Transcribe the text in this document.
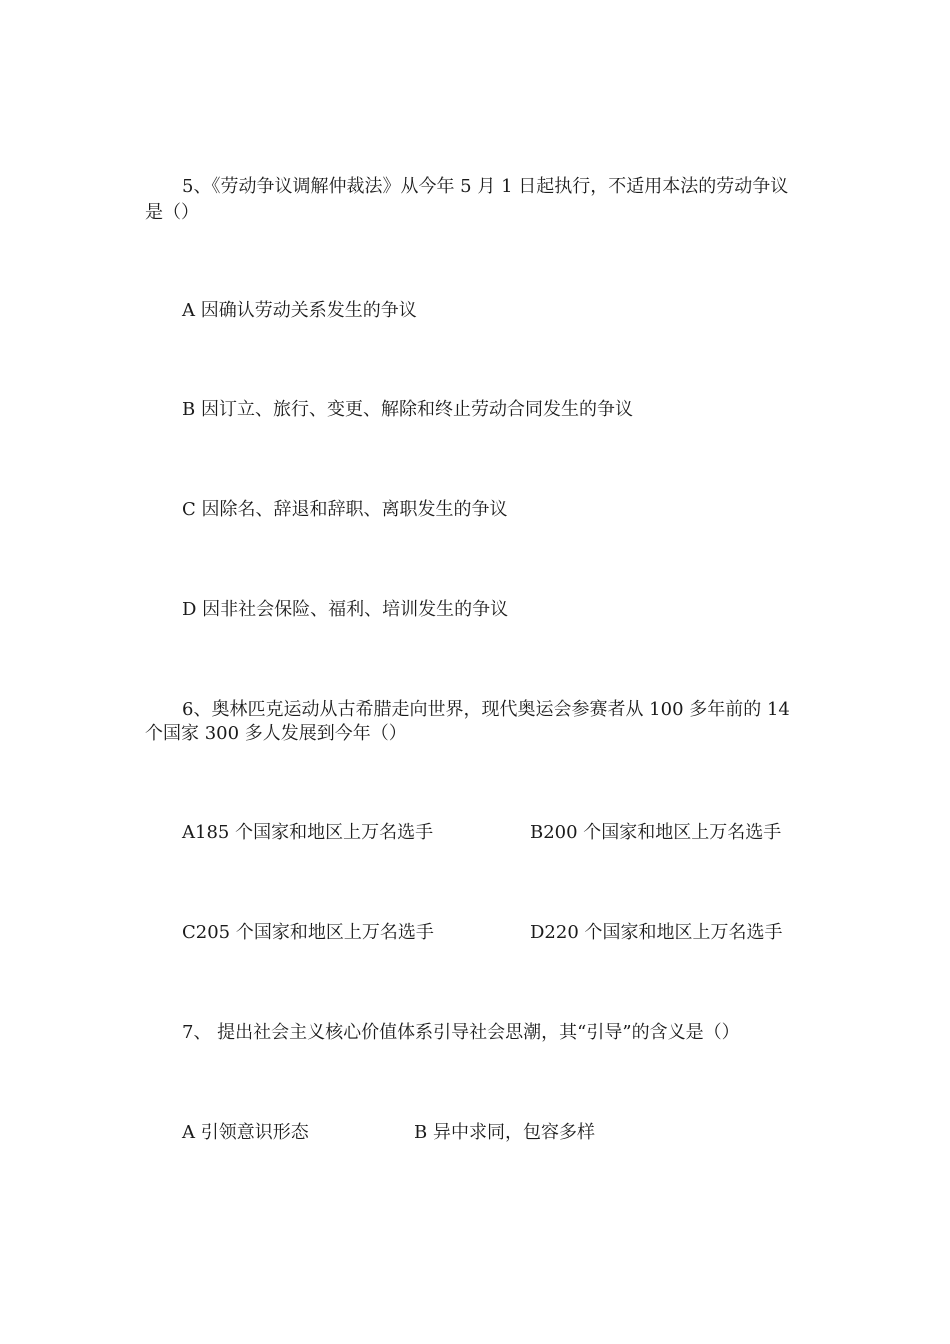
5、《劳动争议调解仲裁法》从今年 5 月 1 日起执行，不适用本法的劳动争议
是（）
A 因确认劳动关系发生的争议
B 因订立、旅行、变更、解除和终止劳动合同发生的争议
C 因除名、辞退和辞职、离职发生的争议
D 因非社会保险、福利、培训发生的争议
6、奥林匹克运动从古希腊走向世界，现代奥运会参赛者从 100 多年前的 14
个国家 300 多人发展到今年（）
A185 个国家和地区上万名选手	B200 个国家和地区上万名选手
C205 个国家和地区上万名选手	D220 个国家和地区上万名选手
7、 提出社会主义核心价值体系引导社会思潮，其“引导”的含义是（）
A 引领意识形态	B 异中求同，包容多样
